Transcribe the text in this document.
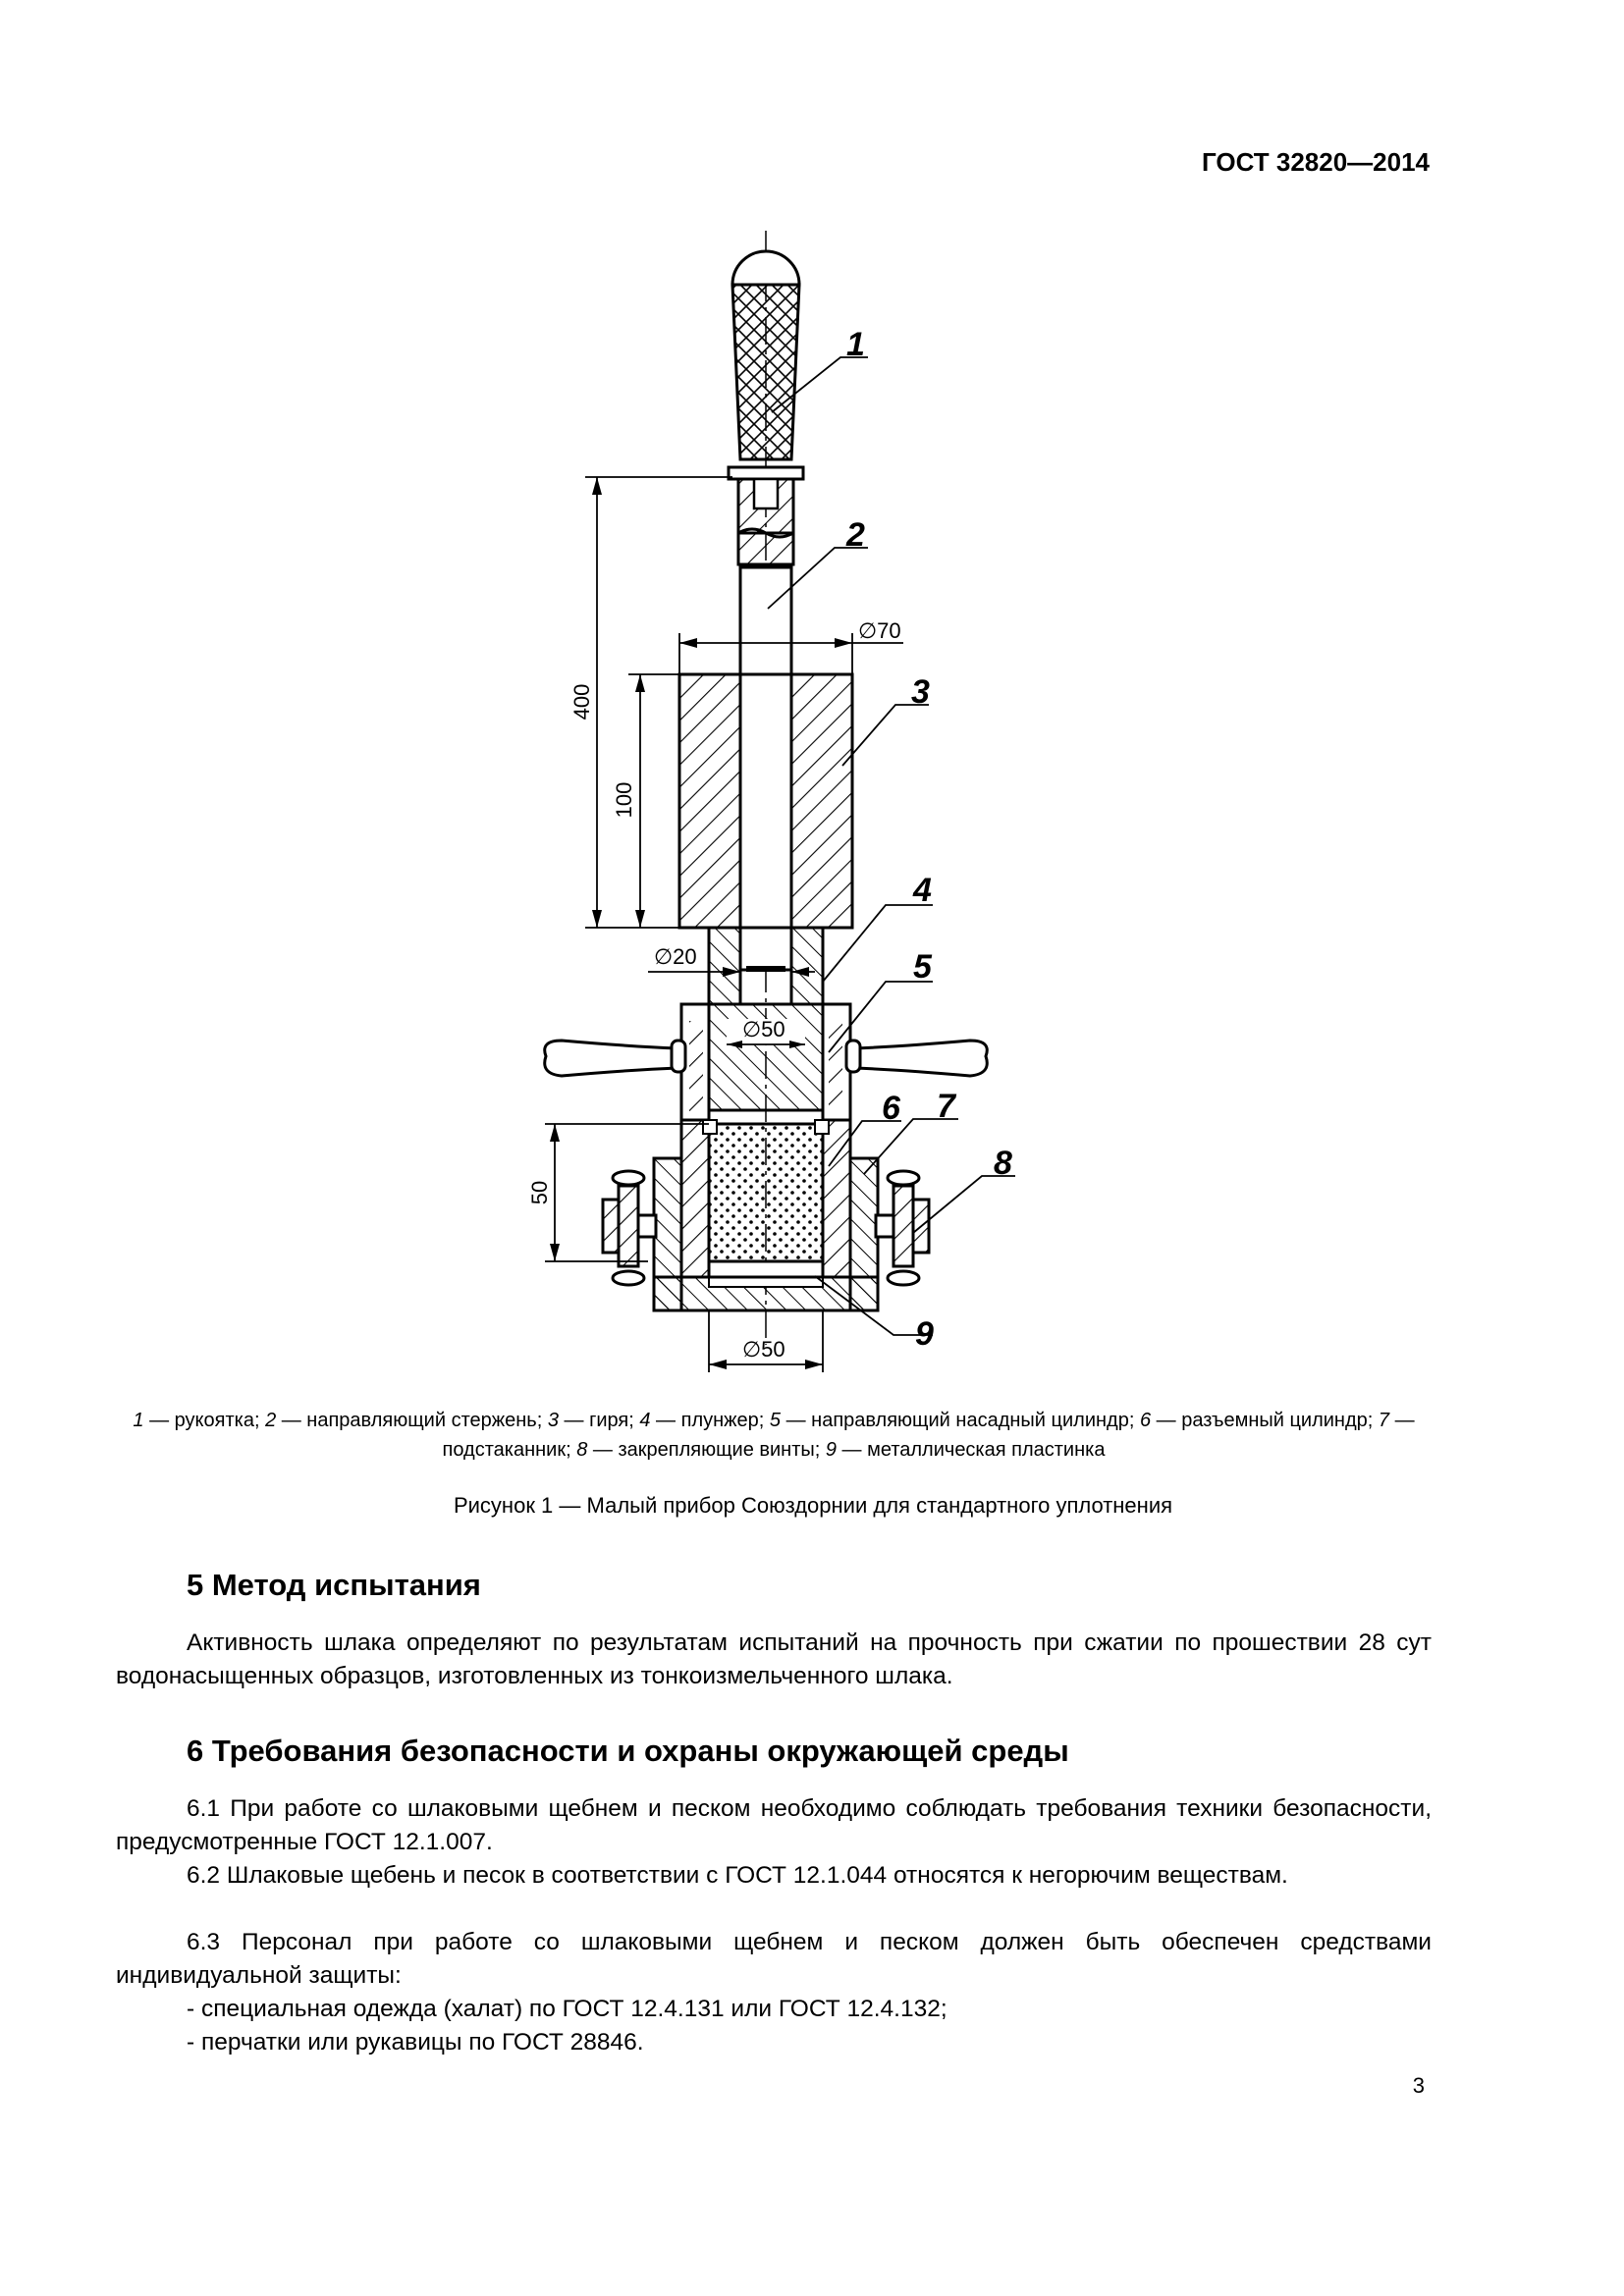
ГОСТ 32820—2014
∅70
∅20
∅50
∅50
400
100
50
1
2
3
4
5
6 7
8
9
1 — рукоятка; 2 — направляющий стержень; 3 — гиря; 4 — плунжер; 5 — направляющий насадный цилиндр; 6 — разъемный цилиндр; 7 — подстаканник; 8 — закрепляющие винты; 9 — металлическая пластинка
Рисунок 1 — Малый прибор Союздорнии для стандартного уплотнения
5 Метод испытания
Активность шлака определяют по результатам испытаний на прочность при сжатии по прошествии 28 сут водонасыщенных образцов, изготовленных из тонкоизмельченного шлака.
6 Требования безопасности и охраны окружающей среды
6.1 При работе со шлаковыми щебнем и песком необходимо соблюдать требования техники безопасности, предусмотренные ГОСТ 12.1.007.
6.2 Шлаковые щебень и песок в соответствии с ГОСТ 12.1.044 относятся к негорючим веществам.
6.3 Персонал при работе со шлаковыми щебнем и песком должен быть обеспечен средствами индивидуальной защиты:
- специальная одежда (халат) по ГОСТ 12.4.131 или ГОСТ 12.4.132;
- перчатки или рукавицы по ГОСТ 28846.
3
